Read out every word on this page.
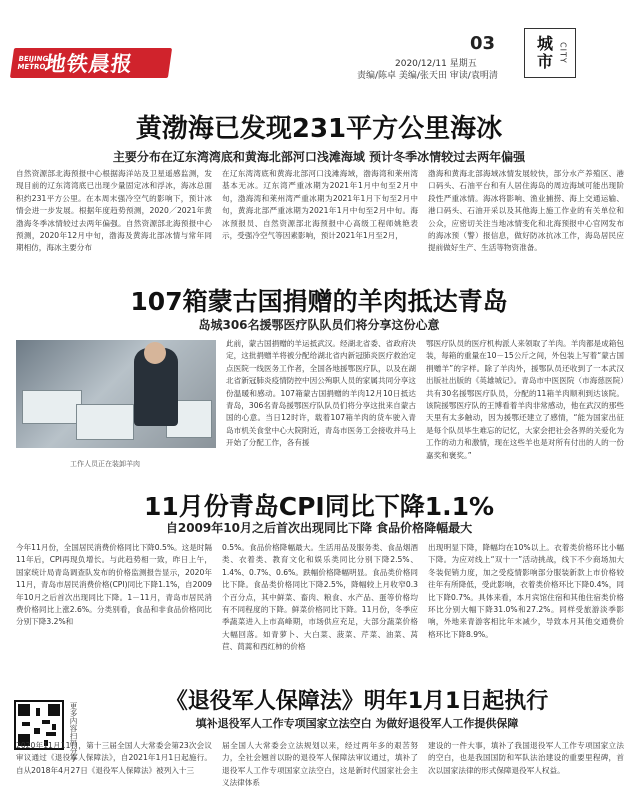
BEIJING METRO
地铁晨报
03
2020/12/11 星期五
责编/陈卓 美编/张天田 审读/袁明清
城市 CITY
黄渤海已发现231平方公里海冰
主要分布在辽东湾湾底和黄海北部河口浅滩海域 预计冬季冰情较过去两年偏强
自然资源部北海预报中心根据海洋站及卫星遥感监测，发现目前的辽东湾湾底已出现少量固定冰和浮冰，海冰总面积约231平方公里。在本周末强冷空气的影响下，预计冰情会进一步发展。根据年度趋势预测，2020／2021年黄渤海冬季冰情较过去两年偏强。自然资源部北海预报中心预测，2020年12月中旬，渤海及黄海北部冰情与常年同期相仿，海冰主要分布
在辽东湾湾底和黄海北部河口浅滩海域，渤海湾和莱州湾基本无冰。辽东湾严重冰期为2021年1月中旬至2月中旬，渤海湾和莱州湾严重冰期为2021年1月下旬至2月中旬，黄海北部严重冰期为2021年1月中旬至2月中旬。海冰预报员、自然资源部北海预报中心高级工程师姚艳表示，受强冷空气等因素影响，预计2021年1月至2月，
渤海和黄海北部海域冰情发展较快，部分水产养殖区、港口码头、石油平台和有人居住海岛的周边海域可能出现阶段性严重冰情。海冰将影响、渔业捕捞、海上交通运输、港口码头、石油开采以及其他海上施工作业的有关单位和公众，应密切关注当地冰情变化和北海预报中心官网发布的海冰预（警）报信息，做好防冰抗冰工作，海岛居民应提前做好生产、生活等物资准备。
107箱蒙古国捐赠的羊肉抵达青岛
岛城306名援鄂医疗队队员们将分享这份心意
工作人员正在装卸羊肉
此前，蒙古国捐赠的羊运抵武汉。经湖北省委、省政府决定，这批捐赠羊将被分配给湖北省内新冠肺炎医疗救治定点医院一线医务工作者，全国各地援鄂医疗队，以及在湖北省新冠肺炎疫情防控中因公殉职人员的家属共同分享这份温暖和感动。107箱蒙古国捐赠的羊肉12月10日抵达青岛，306名青岛援鄂医疗队队员们将分享这批来自蒙古国的心意。当日12时许，载着107箱羊肉的货车驶入青岛市机关食堂中心大院附近，青岛市医务工会接收并马上开始了分配工作，各有援
鄂医疗队员的医疗机构派人来领取了羊肉。羊肉都是成箱包装，每箱的重量在10－15公斤之间，外包装上写着“蒙古国捐赠羊”的字样。除了羊肉外，援鄂队员还收到了一本武汉出版社出版的《英雄城记》。青岛市中医医院（市海慈医院）共有30名援鄂医疗队员，分配的11箱羊肉顺利到达该院。该院援鄂医疗队的王博看着羊肉非常感动，他在武汉的那些天里有太多触动，因为援鄂还建立了感情，“能为国家出征是每个队员毕生难忘的记忆，大家会把社会各界的关爱化为工作的动力和激情，现在这些羊也是对所有付出的人的一份嘉奖和褒奖。”
11月份青岛CPI同比下降1.1%
自2009年10月之后首次出现同比下降 食品价格降幅最大
今年11月份，全国居民消费价格同比下降0.5%。这是时隔11年后，CPI再现负增长。与此趋势相一致，昨日上午，国家统计局青岛调查队发布的价格监测报告显示，2020年11月，青岛市居民消费价格(CPI)同比下降1.1%，自2009年10月之后首次出现同比下降。1－11月，青岛市居民消费价格同比上涨2.6%。分类别看，食品和非食品价格同比分别下降3.2%和
0.5%。食品价格降幅最大。生活用品及服务类、食品烟酒类、衣着类、教育文化和娱乐类同比分别下降2.5%、1.4%、0.7%、0.6%。跌幅价格降幅明显。食品类价格同比下降。食品类价格同比下降2.5%，降幅较上月收窄0.3个百分点，其中鲜菜、畜肉、粮食、水产品、蛋等价格均有不同程度的下降。鲜菜价格同比下降。11月份，冬季应季蔬菜进入上市高峰期，市场供应充足，大部分蔬菜价格大幅回落。如青萝卜、大白菜、菠菜、芹菜、油菜、莴苣、茼蒿和西红柿的价格
出现明显下降，降幅均在10%以上。衣着类价格环比小幅下降。为应对线上“双十一”活动挑战，线下不少商场加大冬装促销力度，加之受疫情影响部分服装新款上市价格较往年有所降低，受此影响，衣着类价格环比下降0.4%，同比下降0.7%。具体来看，本月宾馆住宿和其他住宿类价格环比分别大幅下降31.0%和27.2%。同样受旅游淡季影响，外地来青游客相比年末减少，导致本月其他交通费价格环比下降8.9%。
更多内容扫码分享
《退役军人保障法》明年1月1日起执行
填补退役军人工作专项国家立法空白 为做好退役军人工作提供保障
2020年11月11日，第十三届全国人大常委会第23次会议审议通过《退役军人保障法》，自2021年1月1日起施行。自从2018年4月27日《退役军人保障法》被列入十三
届全国人大常委会立法规划以来，经过两年多的艰苦努力，全社会翘首以盼的退役军人保障法审议通过，填补了退役军人工作专项国家立法空白，这是新时代国家社会主义法律体系
建设的一件大事，填补了我国退役军人工作专项国家立法的空白，也是我国国防和军队法治建设的重要里程碑，首次以国家法律的形式保障退役军人权益。
